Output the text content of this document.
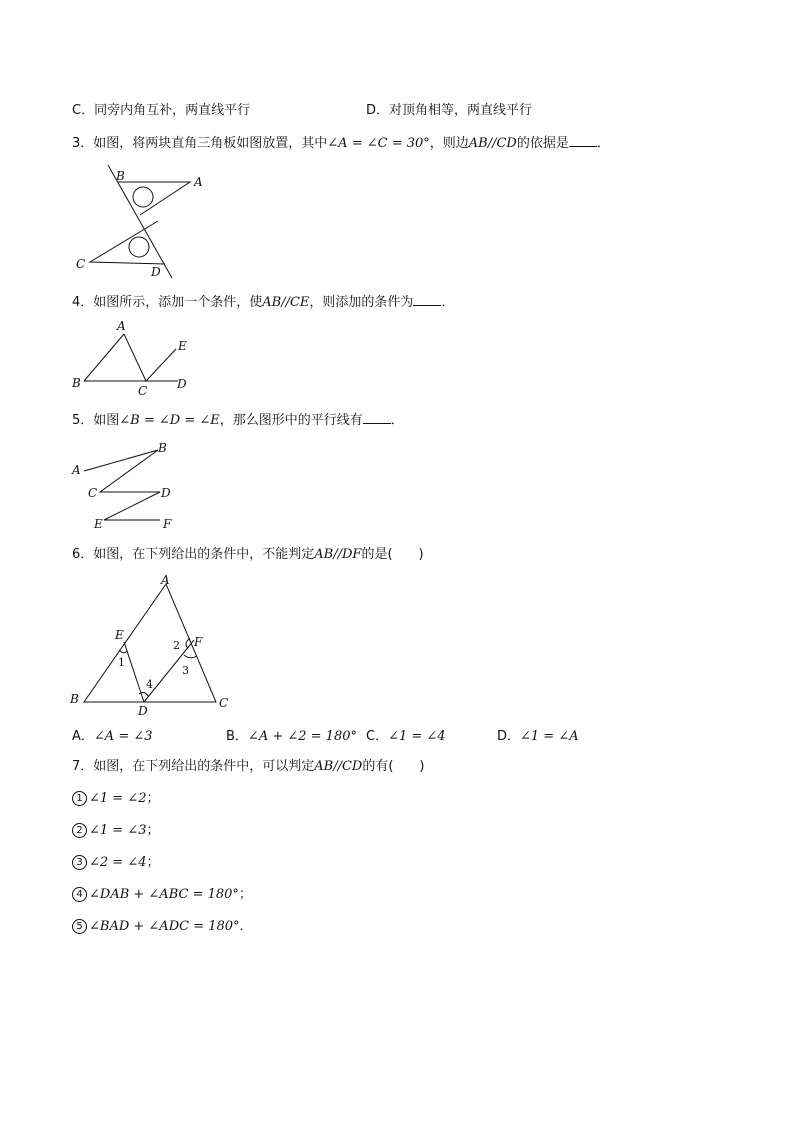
C．同旁内角互补，两直线平行	D．对顶角相等，两直线平行
3．如图，将两块直角三角板如图放置，其中∠A = ∠C = 30°，则边AB//CD的依据是 ．
B	A
C
D
4．如图所示，添加一个条件，使AB//CE，则添加的条件为 ．
A
E
B
C D
5．如图∠B = ∠D = ∠E，那么图形中的平行线有 ．
A
B
C	D
E	F
6．如图，在下列给出的条件中，不能判定AB//DF的是(　　)
A
B	C
D
E	F
1
2
3
4
A．∠A = ∠3	B．∠A + ∠2 = 180° C．∠1 = ∠4	D．∠1 = ∠A
7．如图，在下列给出的条件中，可以判定AB//CD的有(　　)
1 ∠1 = ∠2；
2 ∠1 = ∠3；
3 ∠2 = ∠4；
4 ∠DAB + ∠ABC = 180°；
5 ∠BAD + ∠ADC = 180°．
